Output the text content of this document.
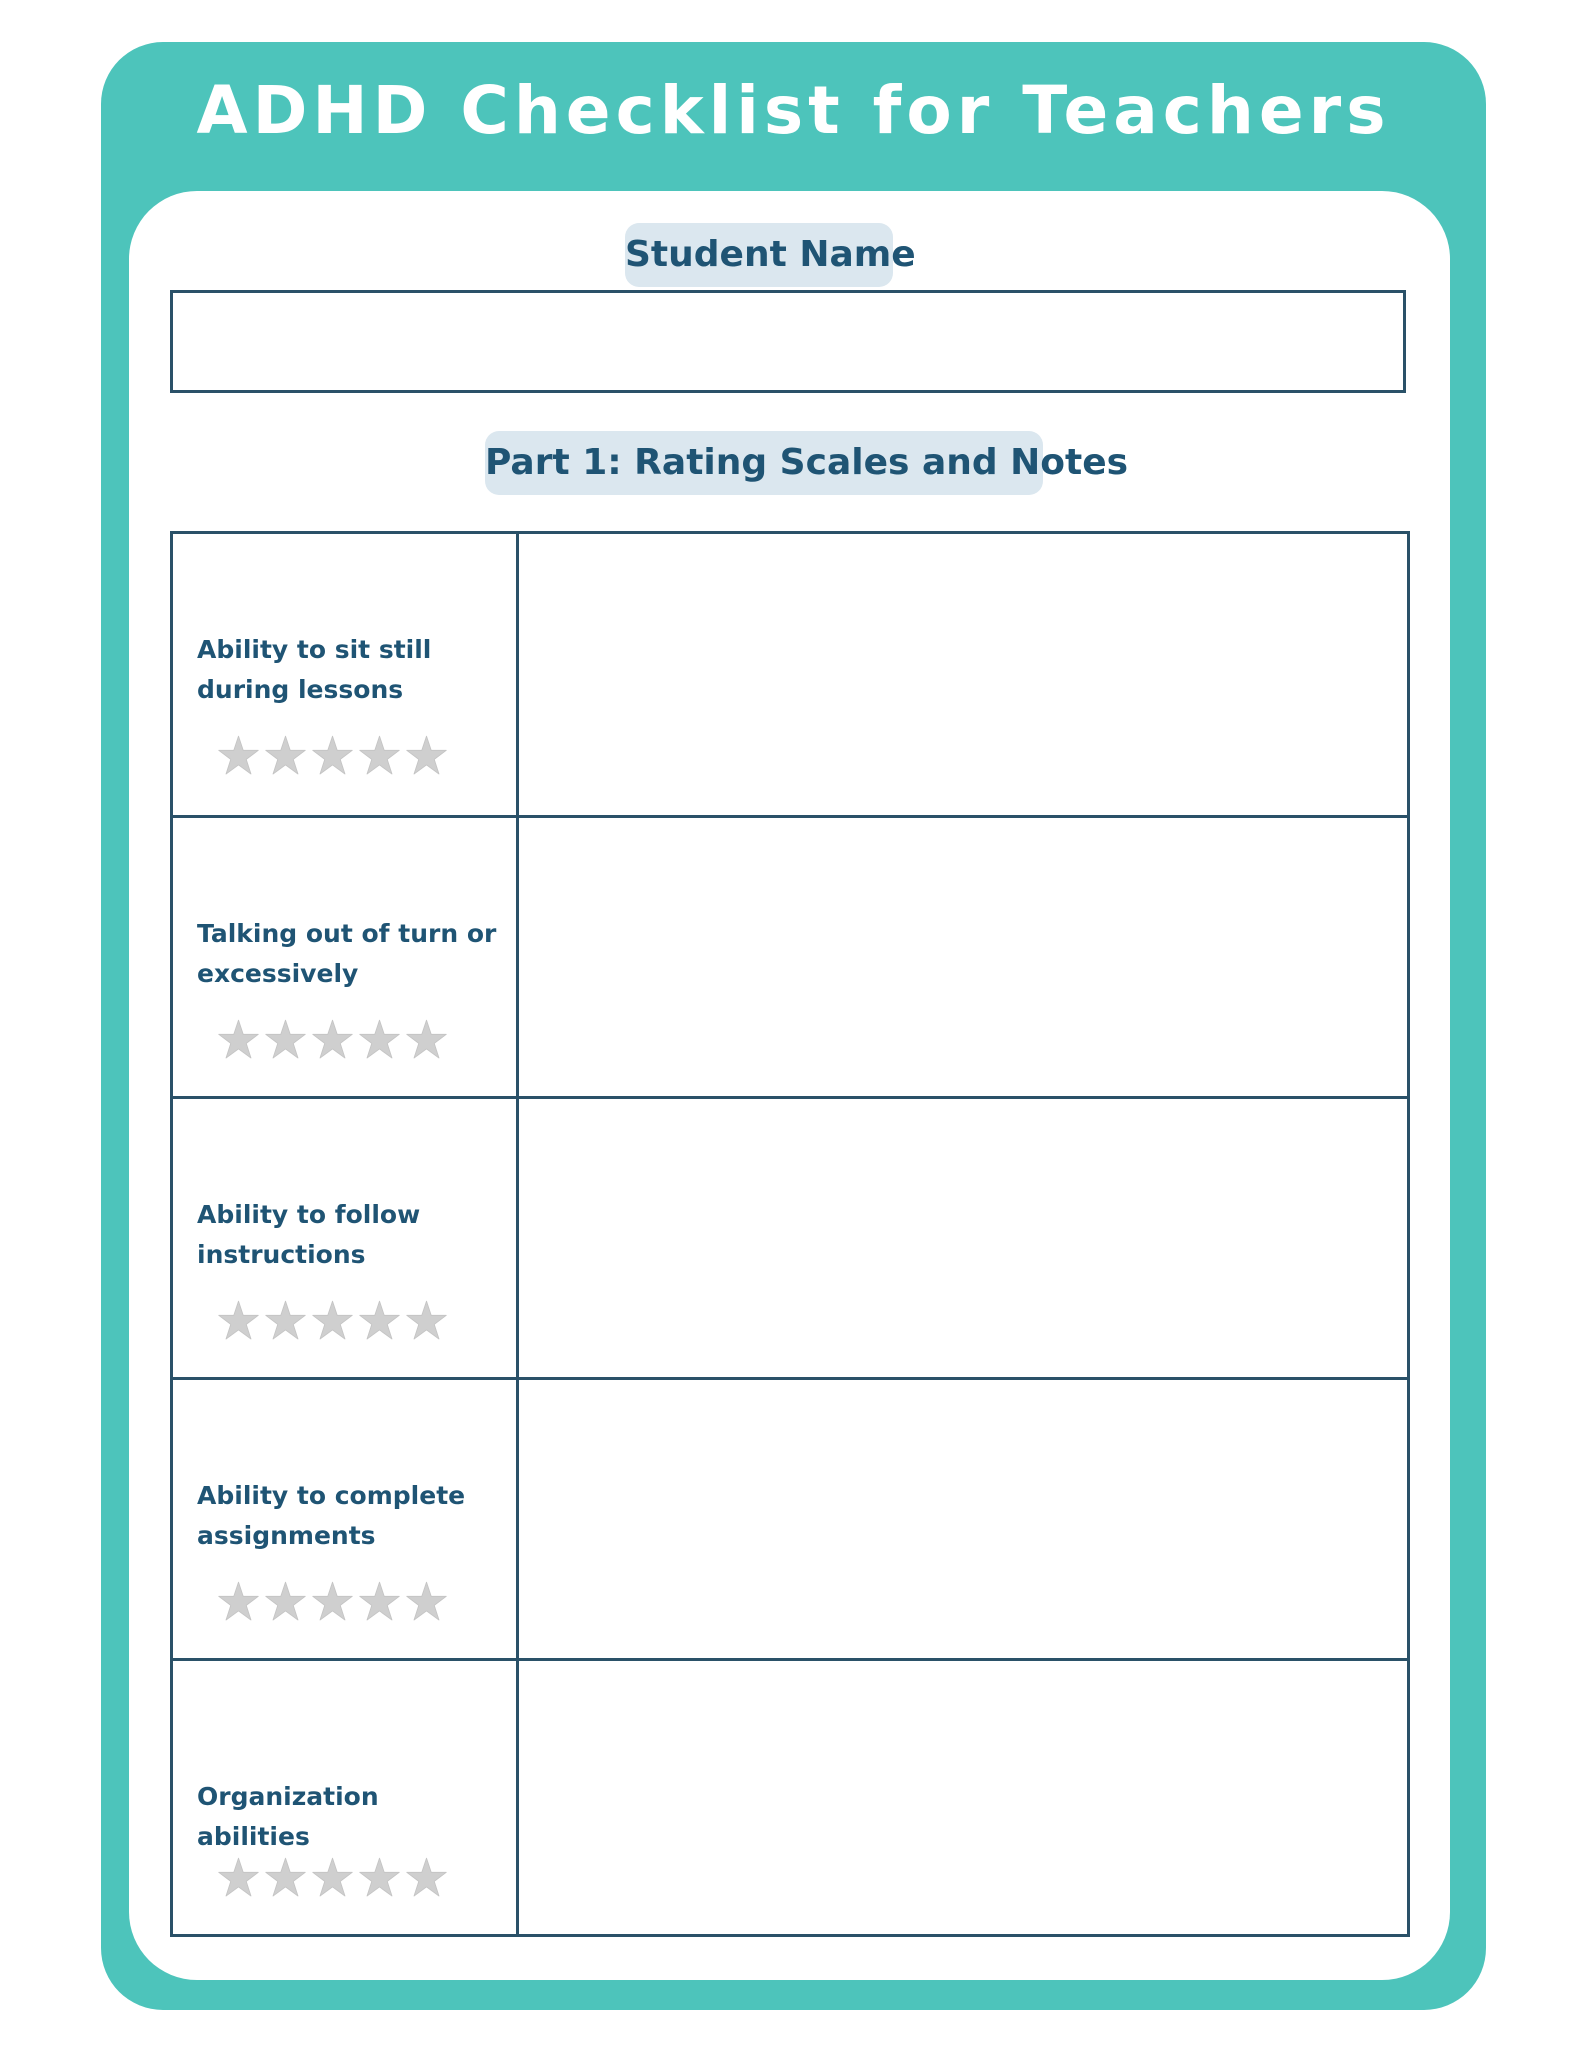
ADHD Checklist for Teachers
Student Name
Part 1: Rating Scales and Notes
Ability to sit still during lessons
Talking out of turn or excessively
Ability to follow instructions
Ability to complete assignments
Organization abilities
